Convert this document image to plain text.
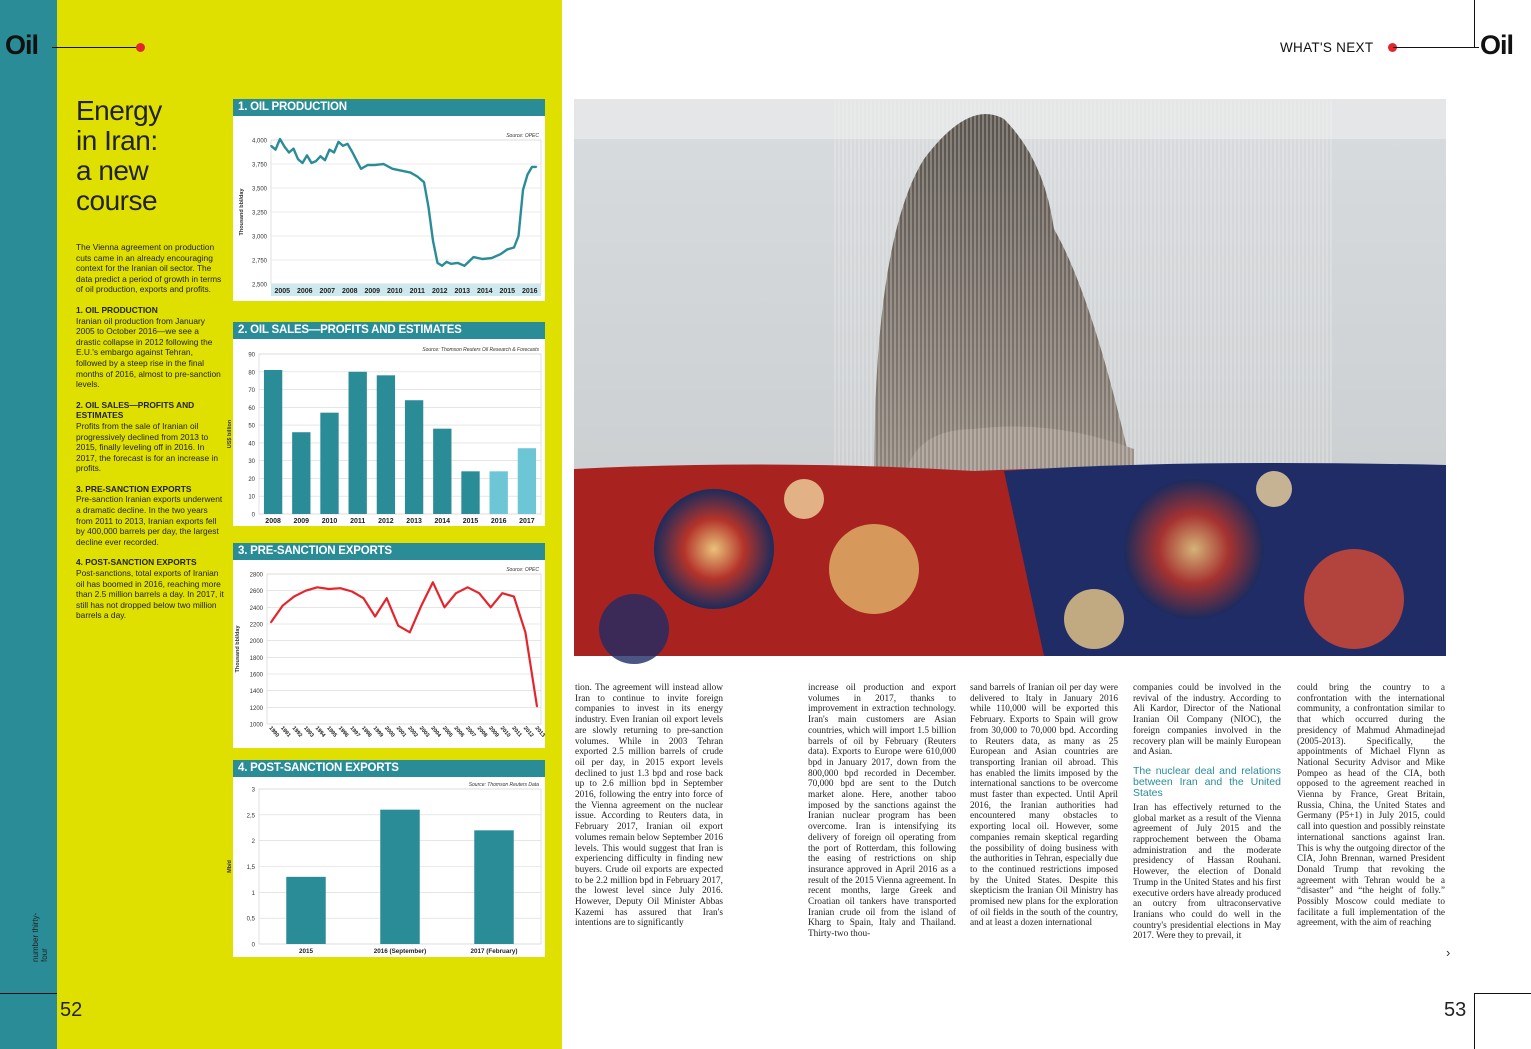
Oil
Energy
in Iran:
a new
course

The Vienna agreement on production cuts came in an already encouraging context for the Iranian oil sector. The data predict a period of growth in terms of oil production, exports and profits.

1. OIL PRODUCTION
Iranian oil production from January 2005 to October 2016—we see a drastic collapse in 2012 following the E.U.'s embargo against Tehran, followed by a steep rise in the final months of 2016, almost to pre-sanction levels.

2. OIL SALES—PROFITS AND ESTIMATES
Profits from the sale of Iranian oil progressively declined from 2013 to 2015, finally leveling off in 2016. In 2017, the forecast is for an increase in profits.

3. PRE-SANCTION EXPORTS
Pre-sanction Iranian exports underwent a dramatic decline. In the two years from 2011 to 2013, Iranian exports fell by 400,000 barrels per day, the largest decline ever recorded.

4. POST-SANCTION EXPORTS
Post-sanctions, total exports of Iranian oil has boomed in 2016, reaching more than 2.5 million barrels a day. In 2017, it still has not dropped below two million barrels a day.

1. OIL PRODUCTION
4,000
3,750
3,500
3,250
3,000
2,750
2,500
Source: OPEC
Thousand bbl/day
2005 2006 2007 2008 2009 2010 2011 2012 2013 2014 2015 2016
2. OIL SALES—PROFITS AND ESTIMATES
90
80
70
60
50
40
30
20
10
0
Source: Thomson Reuters Oil Research & Forecasts
US$ billion
2008 2009 2010 2011 2012 2013 2014 2015 2016 2017
3. PRE-SANCTION EXPORTS
2800
2600
2400
2200
2000
1800
1600
1400
1200
1000
Source: OPEC
Thousand bbl/day
1990 1991 1992 1993 1994 1995 1996 1997 1998 1999 2000 2001 2002 2003 2004 2005 2006 2007 2008 2009 2010 2011 2012 2013
4. POST-SANCTION EXPORTS
3
2,5
2
1,5
1
0,5
0
Source: Thomson Reuters Data
Mb/d
2015	2016 (September)	2017 (February)
number thirty-four
52
WHAT'S NEXT	Oil

tion. The agreement will instead allow Iran to continue to invite foreign companies to invest in its energy industry. Even Iranian oil export levels are slowly returning to pre-sanction volumes. While in 2003 Tehran exported 2.5 million barrels of crude oil per day, in 2015 export levels declined to just 1.3 bpd and rose back up to 2.6 million bpd in September 2016, following the entry into force of the Vienna agreement on the nuclear issue. According to Reuters data, in February 2017, Iranian oil export volumes remain below September 2016 levels. This would suggest that Iran is experiencing difficulty in finding new buyers. Crude oil exports are expected to be 2.2 million bpd in February 2017, the lowest level since July 2016. However, Deputy Oil Minister Abbas Kazemi has assured that Iran's intentions are to significantly

increase oil production and export volumes in 2017, thanks to improvement in extraction technology. Iran's main customers are Asian countries, which will import 1.5 billion barrels of oil by February (Reuters data). Exports to Europe were 610,000 bpd in January 2017, down from the 800,000 bpd recorded in December. 70,000 bpd are sent to the Dutch market alone. Here, another taboo imposed by the sanctions against the Iranian nuclear program has been overcome. Iran is intensifying its delivery of foreign oil operating from the port of Rotterdam, this following the easing of restrictions on ship insurance approved in April 2016 as a result of the 2015 Vienna agreement. In recent months, large Greek and Croatian oil tankers have transported Iranian crude oil from the island of Kharg to Spain, Italy and Thailand. Thirty-two thou-

sand barrels of Iranian oil per day were delivered to Italy in January 2016 while 110,000 will be exported this February. Exports to Spain will grow from 30,000 to 70,000 bpd. According to Reuters data, as many as 25 European and Asian countries are transporting Iranian oil abroad. This has enabled the limits imposed by the international sanctions to be overcome must faster than expected. Until April 2016, the Iranian authorities had encountered many obstacles to exporting local oil. However, some companies remain skeptical regarding the possibility of doing business with the authorities in Tehran, especially due to the continued restrictions imposed by the United States. Despite this skepticism the Iranian Oil Ministry has promised new plans for the exploration of oil fields in the south of the country, and at least a dozen international

companies could be involved in the revival of the industry. According to Ali Kardor, Director of the National Iranian Oil Company (NIOC), the foreign companies involved in the recovery plan will be mainly European and Asian.

The nuclear deal and relations between Iran and the United States

Iran has effectively returned to the global market as a result of the Vienna agreement of July 2015 and the rapprochement between the Obama administration and the moderate presidency of Hassan Rouhani. However, the election of Donald Trump in the United States and his first executive orders have already produced an outcry from ultraconservative Iranians who could do well in the country's presidential elections in May 2017. Were they to prevail, it

could bring the country to a confrontation with the international community, a confrontation similar to that which occurred during the presidency of Mahmud Ahmadinejad (2005-2013). Specifically, the appointments of Michael Flynn as National Security Advisor and Mike Pompeo as head of the CIA, both opposed to the agreement reached in Vienna by France, Great Britain, Russia, China, the United States and Germany (P5+1) in July 2015, could call into question and possibly reinstate international sanctions against Iran. This is why the outgoing director of the CIA, John Brennan, warned President Donald Trump that revoking the agreement with Tehran would be a “disaster” and “the height of folly.” Possibly Moscow could mediate to facilitate a full implementation of the agreement, with the aim of reaching

›
53
